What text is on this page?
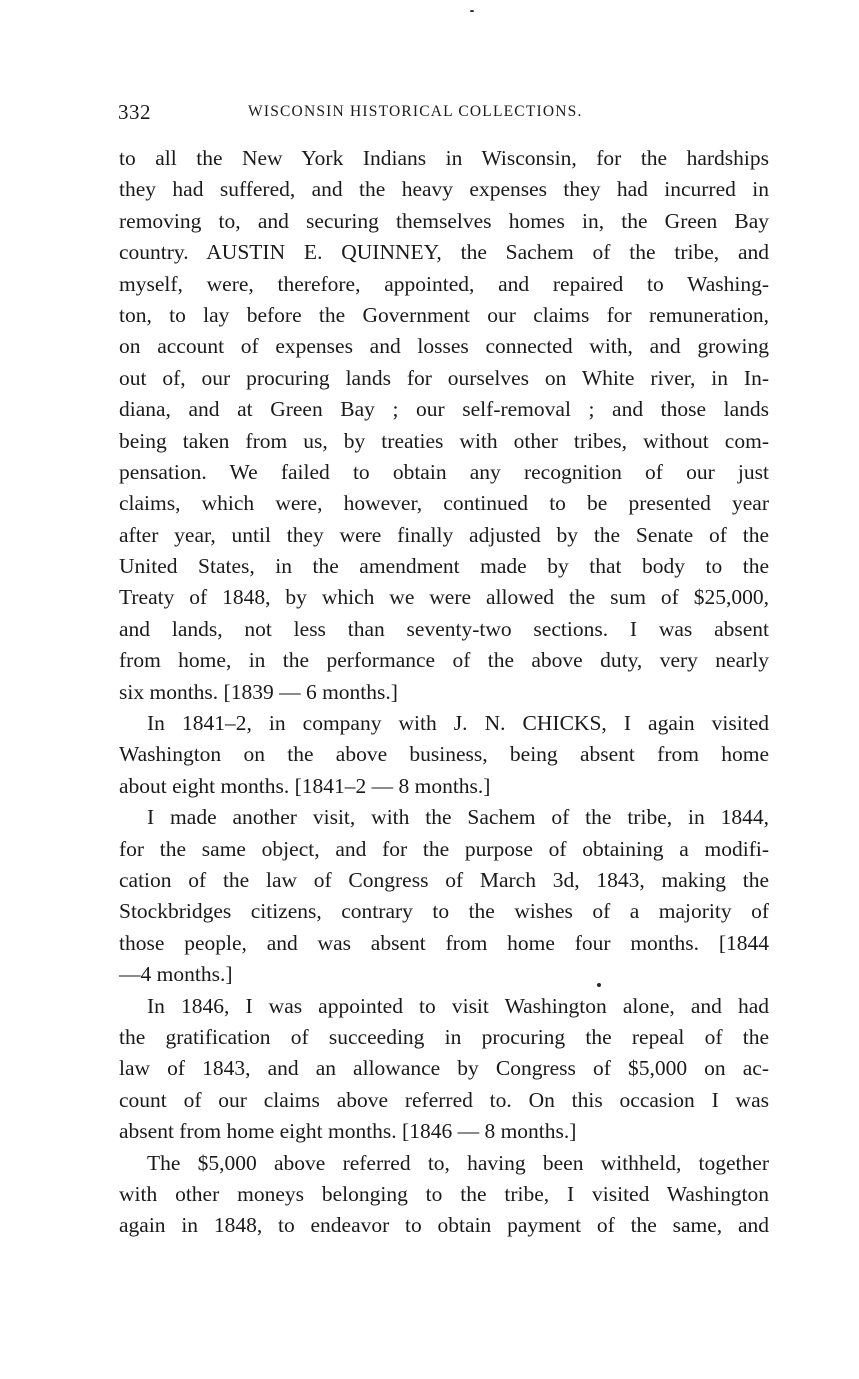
332	WISCONSIN HISTORICAL COLLECTIONS.
to all the New York Indians in Wisconsin, for the hardships
they had suffered, and the heavy expenses they had incurred in
removing to, and securing themselves homes in, the Green Bay
country. AUSTIN E. QUINNEY, the Sachem of the tribe, and
myself, were, therefore, appointed, and repaired to Washing-
ton, to lay before the Government our claims for remuneration,
on account of expenses and losses connected with, and growing
out of, our procuring lands for ourselves on White river, in In-
diana, and at Green Bay ; our self-removal ; and those lands
being taken from us, by treaties with other tribes, without com-
pensation. We failed to obtain any recognition of our just
claims, which were, however, continued to be presented year
after year, until they were finally adjusted by the Senate of the
United States, in the amendment made by that body to the
Treaty of 1848, by which we were allowed the sum of $25,000,
and lands, not less than seventy-two sections. I was absent
from home, in the performance of the above duty, very nearly
six months. [1839 — 6 months.]
In 1841–2, in company with J. N. CHICKS, I again visited
Washington on the above business, being absent from home
about eight months. [1841–2 — 8 months.]
I made another visit, with the Sachem of the tribe, in 1844,
for the same object, and for the purpose of obtaining a modifi-
cation of the law of Congress of March 3d, 1843, making the
Stockbridges citizens, contrary to the wishes of a majority of
those people, and was absent from home four months. [1844
—4 months.]
In 1846, I was appointed to visit Washington alone, and had
the gratification of succeeding in procuring the repeal of the
law of 1843, and an allowance by Congress of $5,000 on ac-
count of our claims above referred to. On this occasion I was
absent from home eight months. [1846 — 8 months.]
The $5,000 above referred to, having been withheld, together
with other moneys belonging to the tribe, I visited Washington
again in 1848, to endeavor to obtain payment of the same, and
